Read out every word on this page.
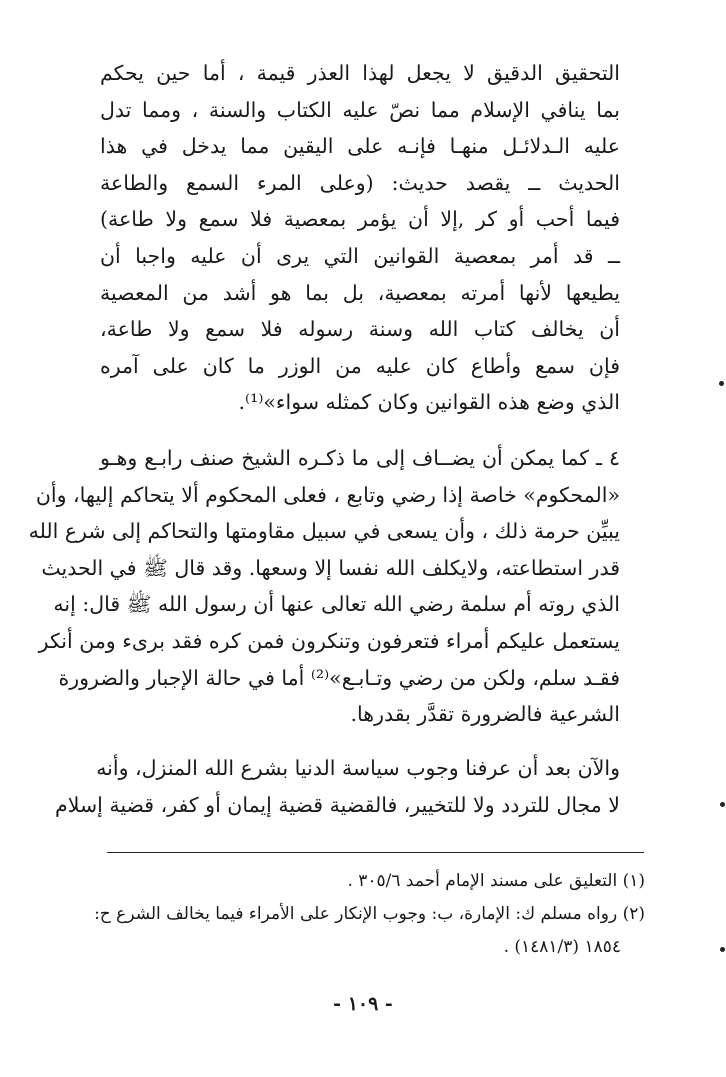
التحقيق الدقيق لا يجعل لهذا العذر قيمة ، أما حين يحكم
بما ينافي الإسلام مما نصّ عليه الكتاب والسنة ، ومما تدل
عليه الـدلائـل منهـا فإنـه على اليقين مما يدخل في هذا
الحديث ــ يقصد حديث: (وعلى المرء السمع والطاعة
فيما أحب أو كر ,إلا أن يؤمر بمعصية فلا سمع ولا طاعة)
ــ قد أمر بمعصية القوانين التي يرى أن عليه واجبا أن
يطيعها لأنها أمرته بمعصية، بل بما هو أشد من المعصية
أن يخالف كتاب الله وسنة رسوله فلا سمع ولا طاعة،
فإن سمع وأطاع كان عليه من الوزر ما كان على آمره
الذي وضع هذه القوانين وكان كمثله سواء»⁽¹⁾.
٤ ـ كما يمكن أن يضــاف إلى ما ذكـره الشيخ صنف رابـع وهـو
«المحكوم» خاصة إذا رضي وتابع ، فعلى المحكوم ألا يتحاكم إليها، وأن
يبيِّن حرمة ذلك ، وأن يسعى في سبيل مقاومتها والتحاكم إلى شرع الله
قدر استطاعته، ولايكلف الله نفسا إلا وسعها. وقد قال ﷺ في الحديث
الذي روته أم سلمة رضي الله تعالى عنها أن رسول الله ﷺ قال: إنه
يستعمل عليكم أمراء فتعرفون وتنكرون فمن كره فقد برىء ومن أنكر
فقـد سلم، ولكن من رضي وتـابـع»⁽²⁾ أما في حالة الإجبار والضرورة
الشرعية فالضرورة تقدَّر بقدرها.
والآن بعد أن عرفنا وجوب سياسة الدنيا بشرع الله المنزل، وأنه
لا مجال للتردد ولا للتخيير، فالقضية قضية إيمان أو كفر، قضية إسلام
(١) التعليق على مسند الإمام أحمد ٣٠٥/٦ .
(٢) رواه مسلم ك: الإمارة، ب: وجوب الإنكار على الأمراء فيما يخالف الشرع ح:
١٨٥٤ (١٤٨١/٣) .
- ١٠٩ -
